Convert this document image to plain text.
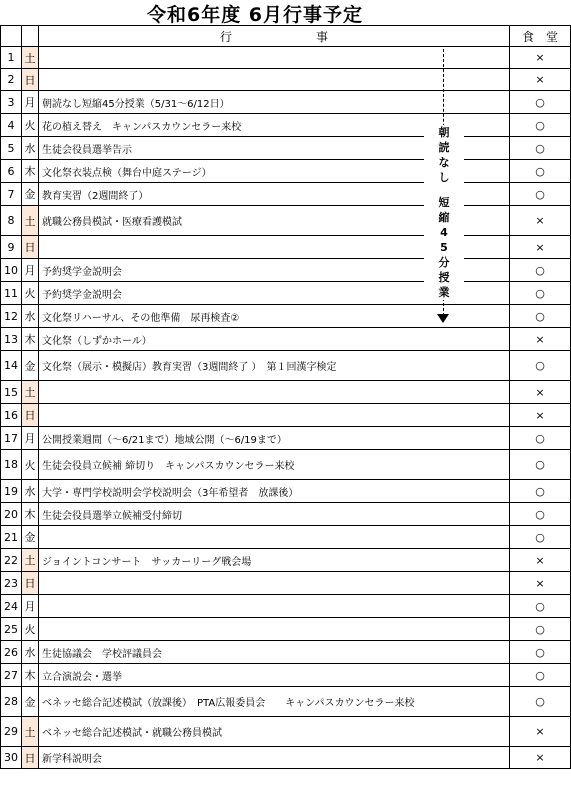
令和6年度 6月行事予定
行　　　　　　　事	食　堂
1 土	×
2 日	×
3 月 朝読なし短縮45分授業（5/31～6/12日）	○
4 火 花の植え替え　キャンパスカウンセラー来校	○
5 水 生徒会役員選挙告示	○
6 木 文化祭衣装点検（舞台中庭ステージ）	○
7 金 教育実習（2週間終了）	○
8 土 就職公務員模試・医療看護模試	×
9 日	×
10 月 予約奨学金説明会	○
11 火 予約奨学金説明会	○
12 水 文化祭リハーサル、その他準備　尿再検査②	○
13 木 文化祭（しずかホール）	×
14 金 文化祭（展示・模擬店）教育実習（3週間終了 ）　第１回漢字検定	○
15 土	×
16 日	×
17 月 公開授業週間（～6/21まで）地域公開（～6/19まで）	○
18 火 生徒会役員立候補 締切り　キャンパスカウンセラー来校	○
19 水 大学・専門学校説明会学校説明会（3年希望者　放課後）	○
20 木 生徒会役員選挙立候補受付締切	○
21 金	○
22 土 ジョイントコンサート　サッカーリーグ戦会場	×
23 日	×
24 月	○
25 火	○
26 水 生徒協議会　学校評議員会	○
27 木 立合演説会・選挙	○
28 金 ベネッセ総合記述模試（放課後）　PTA広報委員会　　キャンパスカウンセラー来校	○
29 土 ベネッセ総合記述模試・就職公務員模試	×
30 日 新学科説明会	×
朝読なし
短縮45分授業
